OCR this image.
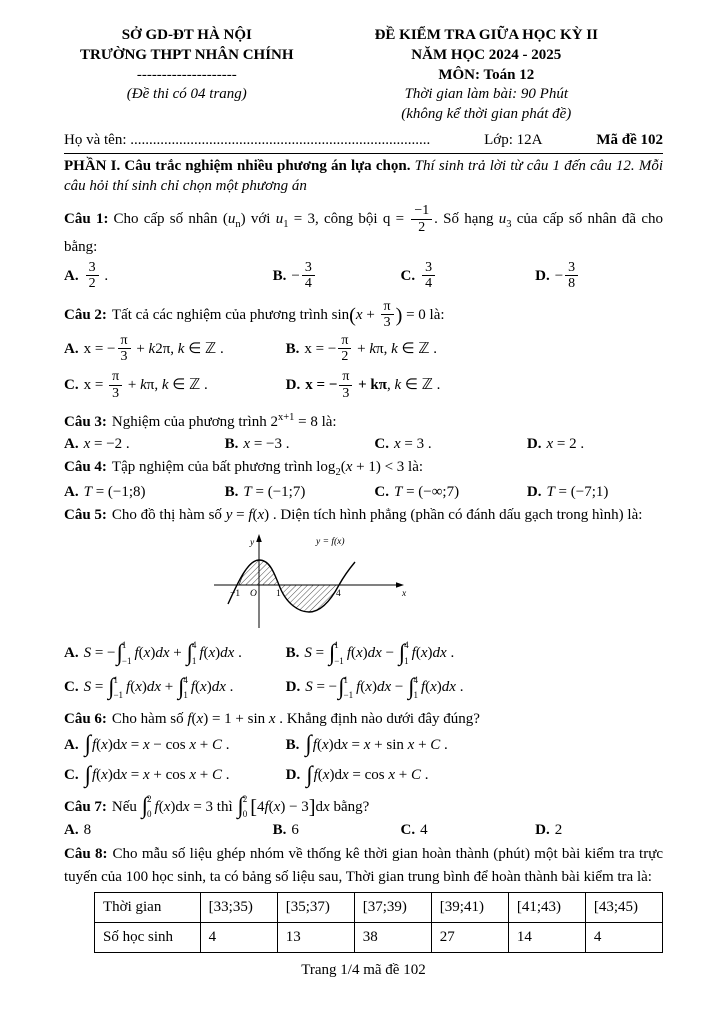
SỞ GD-ĐT HÀ NỘI
TRƯỜNG THPT NHÂN CHÍNH
--------------------
(Đề thi có 04 trang)
ĐỀ KIỂM TRA GIỮA HỌC KỲ II
NĂM HỌC 2024 - 2025
MÔN: Toán 12
Thời gian làm bài: 90 Phút
(không kể thời gian phát đề)
Họ và tên: ................................................................................	Lớp: 12A	Mã đề 102

PHẦN I. Câu trắc nghiệm nhiều phương án lựa chọn. Thí sinh trả lời từ câu 1 đến câu 12. Mỗi câu hỏi thí sinh chỉ chọn một phương án

Câu 1: Cho cấp số nhân $(u_n)$ với $u_1 = 3$, công bội $q = \frac{-1}{2}$ . Số hạng $u_3$ của cấp số nhân đã cho bằng:

A. $\frac{3}{2}$ .	B. − $\frac{3}{4}$	C. $\frac{3}{4}$	D. − $\frac{3}{8}$

Câu 2: Tất cả các nghiệm của phương trình $\sin(x + \frac{\pi}{3}$ ) = 0 là:

A. x = − $\frac{\pi}{3} + k2\pi$, k ∈ ℤ .	B. x = − $\frac{\pi}{2} + k\pi$, k ∈ ℤ .
C. $x = \frac{\pi}{3} + k\pi$, k ∈ ℤ .	D. x = − $\frac{\pi}{3} + k\pi$, k ∈ ℤ .

Câu 3: Nghiệm của phương trình $2^{x+1} = 8$ là:

A. x = −2 .	B. x = −3 .	C. x = 3 .	D. x = 2 .

Câu 4: Tập nghiệm của bất phương trình $\log_2(x + 1) < 3$ là:

A. T = (−1;8)	B. T = (−1;7)	C. T = (−∞;7)	D. T = (−7;1)

Câu 5: Cho đồ thị hàm số y = f(x) . Diện tích hình phẳng (phần có đánh dấu gạch trong hình) là:

y
x
−1 O 1	4
y = f(x)
A. S = − ∫ 1
−1 f(x)dx + ∫ 4
1 f(x)dx .	B. S = ∫ 1
−1 f(x)dx − ∫ 4
1 f(x)dx .
C. S = ∫ 1
−1 f(x)dx + ∫ 4
1 f(x)dx .	D. S = − ∫ 1
−1 f(x)dx − ∫ 4
1 f(x)dx .

Câu 6: Cho hàm số f(x) = 1 + sin x . Khẳng định nào dưới đây đúng?

A. ∫ f(x)dx = x − cos x + C .	B. ∫ f(x)dx = x + sin x + C .
C. ∫ f(x)dx = x + cos x + C .	D. ∫ f(x)dx = cos x + C .

Câu 7: Nếu ∫ 2
0 f(x)dx = 3 thì ∫ 2
0 [4f(x) − 3]dx bằng?

A. 8	B. 6	C. 4	D. 2

Câu 8: Cho mẫu số liệu ghép nhóm về thống kê thời gian hoàn thành (phút) một bài kiểm tra trực tuyến của 100 học sinh, ta có bảng số liệu sau, Thời gian trung bình để hoàn thành bài kiểm tra là:

Thời gian	[33;35)	[35;37)	[37;39)	[39;41)	[41;43)	[43;45)
Số học sinh	4	13	38	27	14	4
Trang 1/4 mã đề 102
